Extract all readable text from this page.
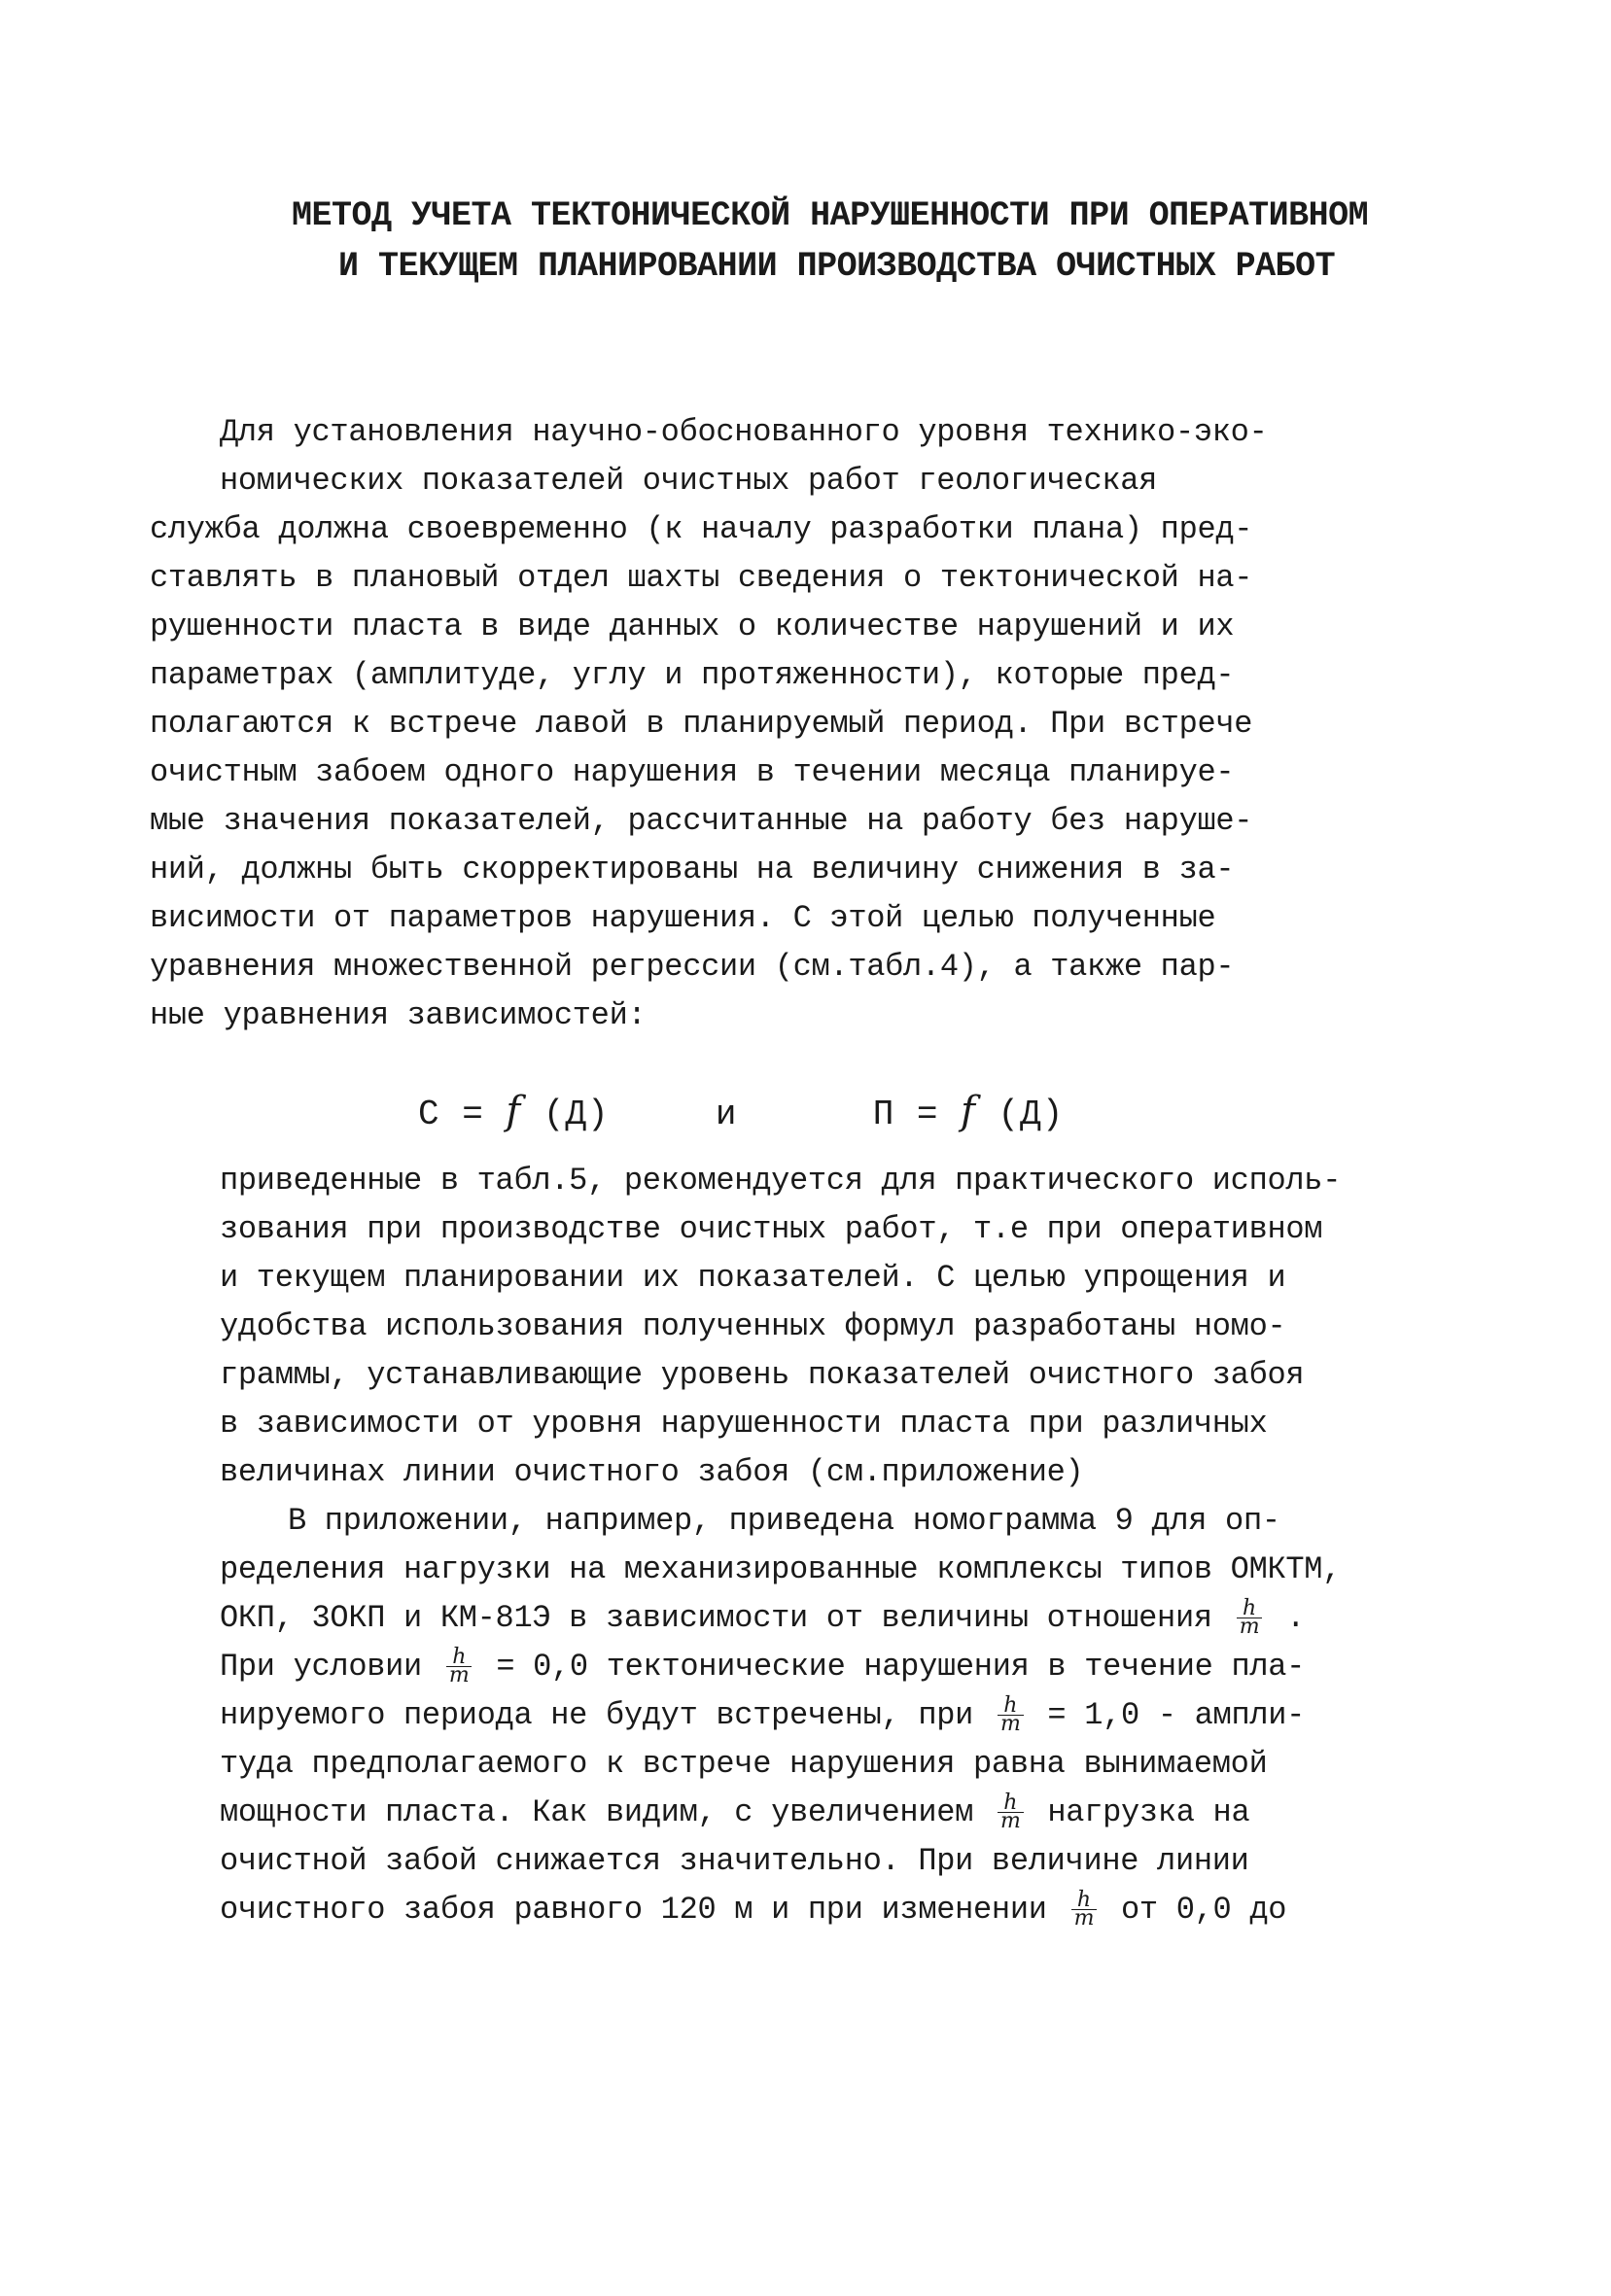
МЕТОД УЧЕТА ТЕКТОНИЧЕСКОЙ НАРУШЕННОСТИ ПРИ ОПЕРАТИВНОМ
И ТЕКУЩЕМ ПЛАНИРОВАНИИ ПРОИЗВОДСТВА ОЧИСТНЫХ РАБОТ
Для установления научно-обоснованного уровня технико-эко-
номических показателей очистных работ геологическая
служба должна своевременно (к началу разработки плана) пред-
ставлять в плановый отдел шахты сведения о тектонической на-
рушенности пласта в виде данных о количестве нарушений и их
параметрах (амплитуде, углу и протяженности), которые пред-
полагаются к встрече лавой в планируемый период. При встрече
очистным забоем одного нарушения в течении месяца планируе-
мые значения показателей, рассчитанные на работу без наруше-
ний, должны быть скорректированы на величину снижения в за-
висимости от параметров нарушения. С этой целью полученные
уравнения множественной регрессии (см.табл.4), а также пар-
ные уравнения зависимостей:
С = f (Д)	и	П = f (Д)
приведенные в табл.5, рекомендуется для практического исполь-
зования при производстве очистных работ, т.е при оперативном
и текущем планировании их показателей. С целью упрощения и
удобства использования полученных формул разработаны номо-
граммы, устанавливающие уровень показателей очистного забоя
в зависимости от уровня нарушенности пласта при различных
величинах линии очистного забоя (см.приложение)
В приложении, например, приведена номограмма 9 для оп-
ределения нагрузки на механизированные комплексы типов ОМКТМ,
ОКП, 3ОКП и КМ-81Э в зависимости от величины отношения $\frac{h}{m}$ .
При условии $\frac{h}{m} = 0,0$ тектонические нарушения в течение пла-
нируемого периода не будут встречены, при $\frac{h}{m} = 1,0$ - ампли-
туда предполагаемого к встрече нарушения равна вынимаемой
мощности пласта. Как видим, с увеличением $\frac{h}{m}$ нагрузка на
очистной забой снижается значительно. При величине линии
очистного забоя равного 120 м и при изменении $\frac{h}{m}$ от 0,0 до
